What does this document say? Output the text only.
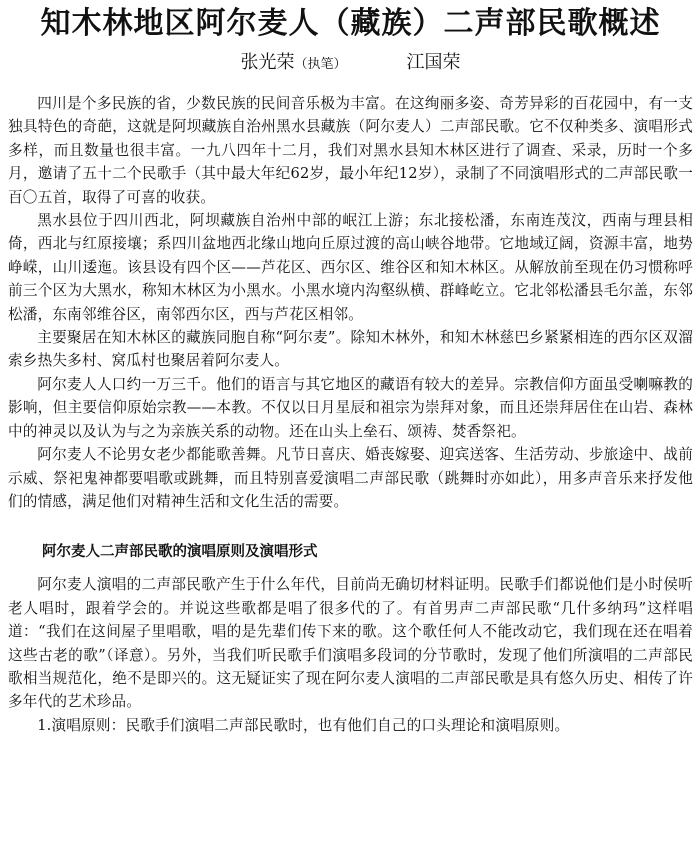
知木林地区阿尔麦人（藏族）二声部民歌概述
张光荣（执笔）	江国荣

四川是个多民族的省，少数民族的民间音乐极为丰富。在这绚丽多姿、奇芳异彩的百花园中，有一支独具特色的奇葩，这就是阿坝藏族自治州黑水县藏族（阿尔麦人）二声部民歌。它不仅种类多、演唱形式多样，而且数量也很丰富。一九八四年十二月，我们对黑水县知木林区进行了调查、采录，历时一个多月，邀请了五十二个民歌手（其中最大年纪62岁，最小年纪12岁），录制了不同演唱形式的二声部民歌一百〇五首，取得了可喜的收获。

黑水县位于四川西北，阿坝藏族自治州中部的岷江上游；东北接松潘，东南连茂汶，西南与理县相倚，西北与红原接壤；系四川盆地西北缘山地向丘原过渡的高山峡谷地带。它地域辽阔，资源丰富，地势峥嵘，山川逶迤。该县设有四个区——芦花区、西尔区、维谷区和知木林区。从解放前至现在仍习惯称呼前三个区为大黑水，称知木林区为小黑水。小黑水境内沟壑纵横、群峰屹立。它北邻松潘县毛尔盖，东邻松潘，东南邻维谷区，南邻西尔区，西与芦花区相邻。

主要聚居在知木林区的藏族同胞自称“阿尔麦”。除知木林外，和知木林慈巴乡紧紧相连的西尔区双溜索乡热失多村、窝瓜村也聚居着阿尔麦人。

阿尔麦人人口约一万三千。他们的语言与其它地区的藏语有较大的差异。宗教信仰方面虽受喇嘛教的影响，但主要信仰原始宗教——本教。不仅以日月星辰和祖宗为崇拜对象，而且还崇拜居住在山岩、森林中的神灵以及认为与之为亲族关系的动物。还在山头上垒石、颂祷、焚香祭祀。

阿尔麦人不论男女老少都能歌善舞。凡节日喜庆、婚丧嫁娶、迎宾送客、生活劳动、步旅途中、战前示威、祭祀鬼神都要唱歌或跳舞，而且特别喜爱演唱二声部民歌（跳舞时亦如此），用多声音乐来抒发他们的情感，满足他们对精神生活和文化生活的需要。

阿尔麦人二声部民歌的演唱原则及演唱形式

阿尔麦人演唱的二声部民歌产生于什么年代，目前尚无确切材料证明。民歌手们都说他们是小时侯听老人唱时，跟着学会的。并说这些歌都是唱了很多代的了。有首男声二声部民歌“几什多纳玛”这样唱道：“我们在这间屋子里唱歌，唱的是先辈们传下来的歌。这个歌任何人不能改动它，我们现在还在唱着这些古老的歌”（译意）。另外，当我们听民歌手们演唱多段词的分节歌时，发现了他们所演唱的二声部民歌相当规范化，绝不是即兴的。这无疑证实了现在阿尔麦人演唱的二声部民歌是具有悠久历史、相传了许多年代的艺术珍品。

1.演唱原则：民歌手们演唱二声部民歌时，也有他们自己的口头理论和演唱原则。
